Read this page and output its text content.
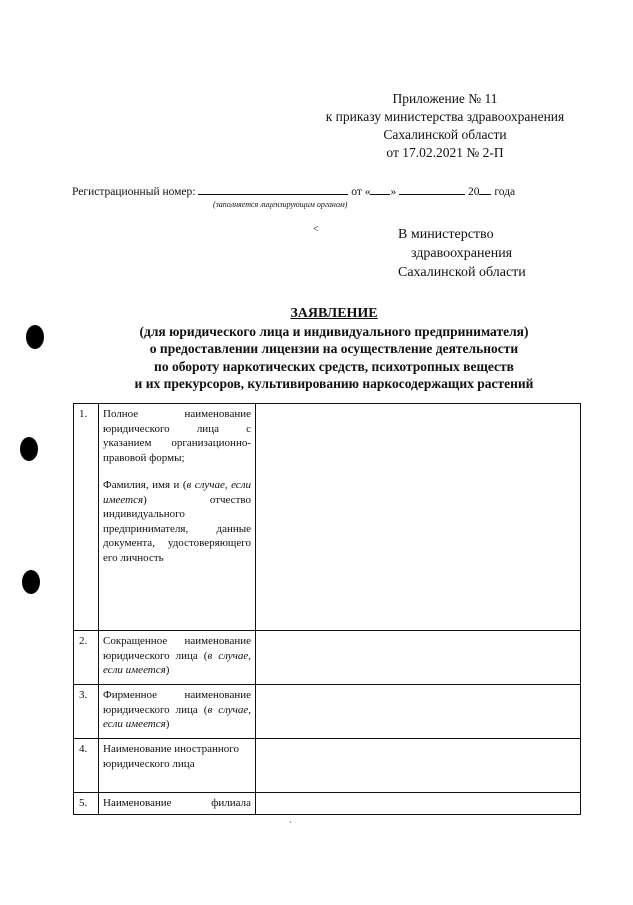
Приложение № 11
к приказу министерства здравоохранения
Сахалинской области
от 17.02.2021 № 2-П
Регистрационный номер:	от « »	20 года
(заполняется лицензирующим органом)
<	В министерство
здравоохранения
Сахалинской области
ЗАЯВЛЕНИЕ
(для юридического лица и индивидуального предпринимателя)
о предоставлении лицензии на осуществление деятельности
по обороту наркотических средств, психотропных веществ
и их прекурсоров, культивированию наркосодержащих растений
1.	Полное наименование юридического лица с указанием организационно-правовой формы;

Фамилия, имя и (в случае, если имеется) отчество индивидуального предпринимателя, данные документа, удостоверяющего его личность	

2.	Сокращенное наименование юридического лица (в случае, если имеется)	
3.	Фирменное наименование юридического лица (в случае, если имеется)	
4.	Наименование иностранного юридического лица	
5.	Наименование филиала	
`
